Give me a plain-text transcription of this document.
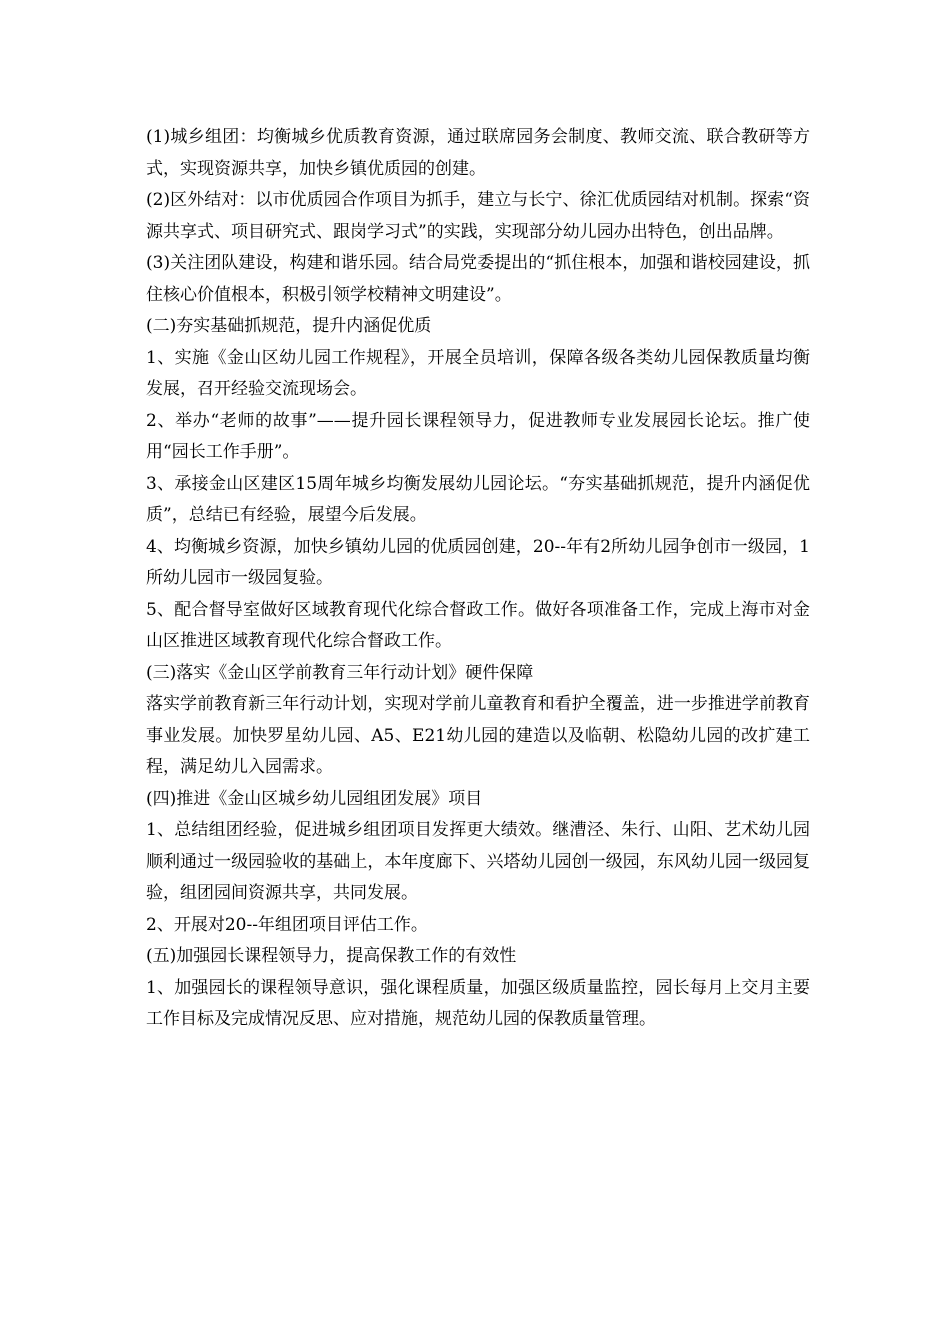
(1)城乡组团：均衡城乡优质教育资源，通过联席园务会制度、教师交流、联合教研等方式，实现资源共享，加快乡镇优质园的创建。

(2)区外结对：以市优质园合作项目为抓手，建立与长宁、徐汇优质园结对机制。探索“资源共享式、项目研究式、跟岗学习式”的实践，实现部分幼儿园办出特色，创出品牌。

(3)关注团队建设，构建和谐乐园。结合局党委提出的“抓住根本，加强和谐校园建设，抓住核心价值根本，积极引领学校精神文明建设”。

(二)夯实基础抓规范，提升内涵促优质

1、实施《金山区幼儿园工作规程》，开展全员培训，保障各级各类幼儿园保教质量均衡发展，召开经验交流现场会。

2、举办“老师的故事”——提升园长课程领导力，促进教师专业发展园长论坛。推广使用“园长工作手册”。

3、承接金山区建区15周年城乡均衡发展幼儿园论坛。“夯实基础抓规范，提升内涵促优质”，总结已有经验，展望今后发展。

4、均衡城乡资源，加快乡镇幼儿园的优质园创建，20--年有2所幼儿园争创市一级园，1所幼儿园市一级园复验。

5、配合督导室做好区域教育现代化综合督政工作。做好各项准备工作，完成上海市对金山区推进区域教育现代化综合督政工作。

(三)落实《金山区学前教育三年行动计划》硬件保障

落实学前教育新三年行动计划，实现对学前儿童教育和看护全覆盖，进一步推进学前教育事业发展。加快罗星幼儿园、A5、E21幼儿园的建造以及临朝、松隐幼儿园的改扩建工程，满足幼儿入园需求。

(四)推进《金山区城乡幼儿园组团发展》项目

1、总结组团经验，促进城乡组团项目发挥更大绩效。继漕泾、朱行、山阳、艺术幼儿园顺利通过一级园验收的基础上，本年度廊下、兴塔幼儿园创一级园，东风幼儿园一级园复验，组团园间资源共享，共同发展。

2、开展对20--年组团项目评估工作。

(五)加强园长课程领导力，提高保教工作的有效性

1、加强园长的课程领导意识，强化课程质量，加强区级质量监控，园长每月上交月主要工作目标及完成情况反思、应对措施，规范幼儿园的保教质量管理。
